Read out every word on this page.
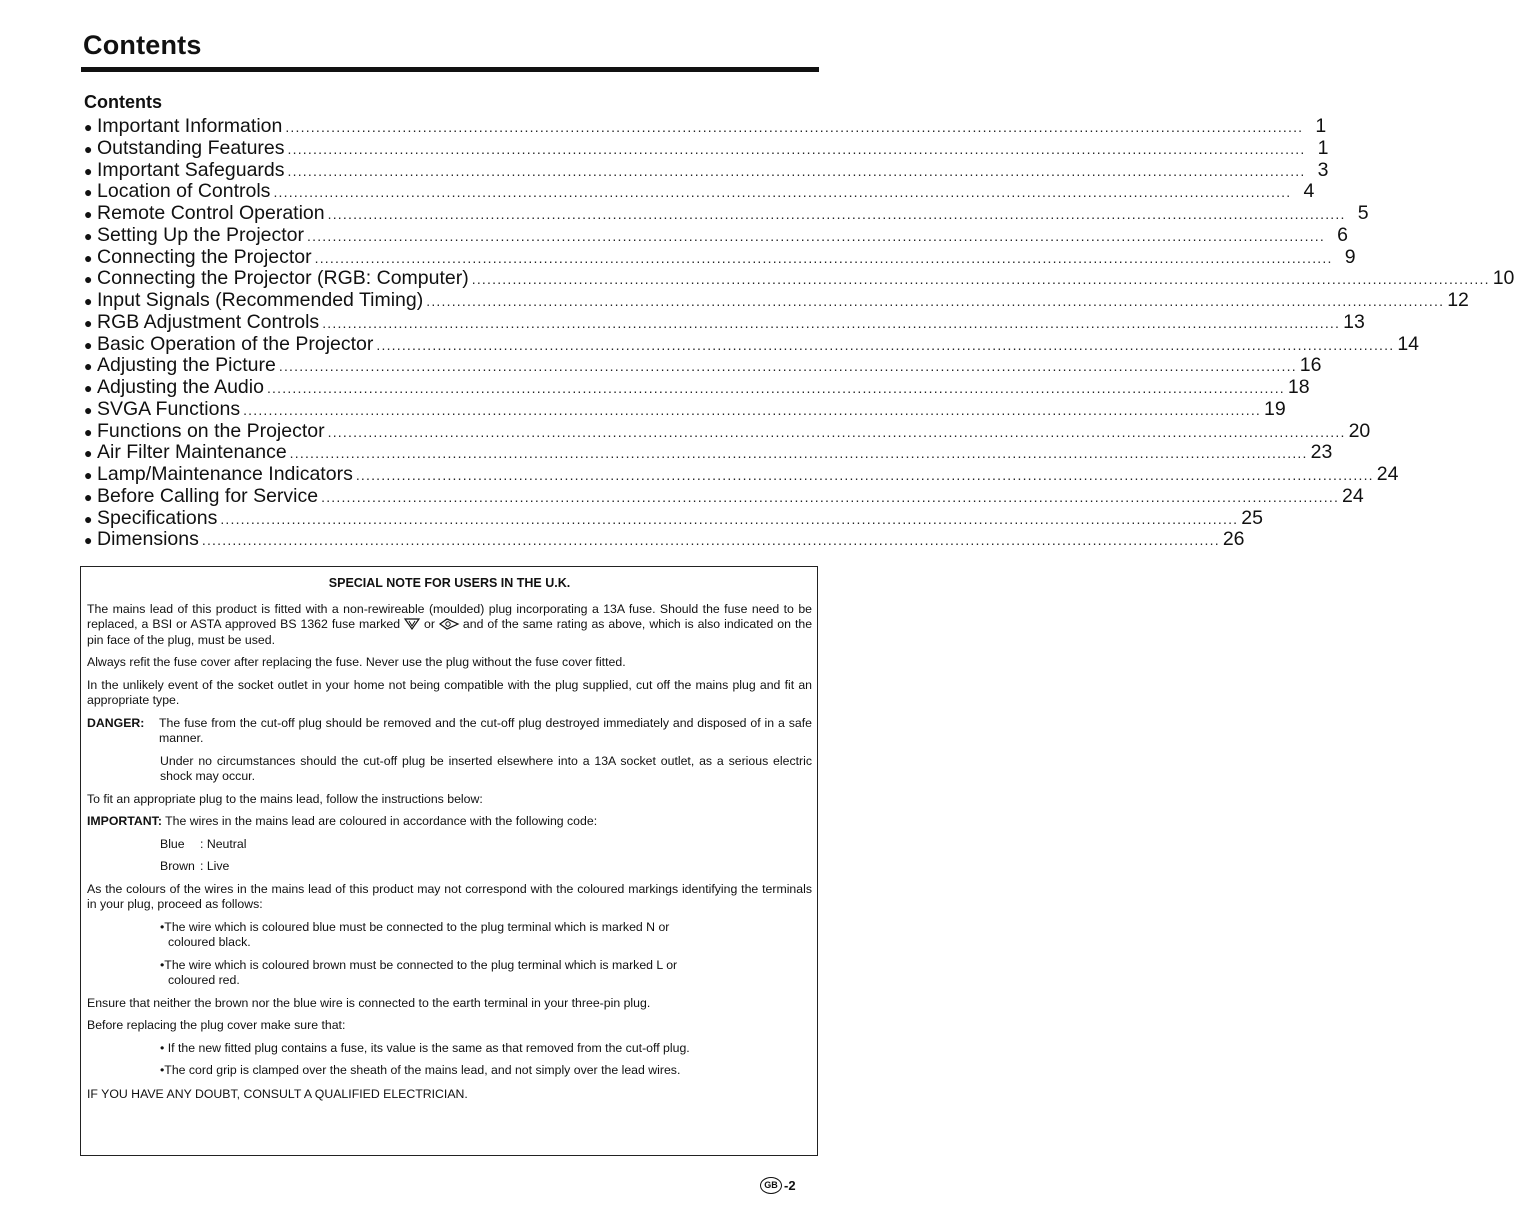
Contents
Contents
● Important Information ........................................................................................................................................................................................................ 1
● Outstanding Features ........................................................................................................................................................................................................ 1
● Important Safeguards ........................................................................................................................................................................................................ 3
● Location of Controls ........................................................................................................................................................................................................ 4
● Remote Control Operation ........................................................................................................................................................................................................ 5
● Setting Up the Projector ........................................................................................................................................................................................................ 6
● Connecting the Projector ........................................................................................................................................................................................................ 9
● Connecting the Projector (RGB: Computer) ........................................................................................................................................................................................................ 10
● Input Signals (Recommended Timing) ........................................................................................................................................................................................................ 12
● RGB Adjustment Controls ........................................................................................................................................................................................................ 13
● Basic Operation of the Projector ........................................................................................................................................................................................................ 14
● Adjusting the Picture ........................................................................................................................................................................................................ 16
● Adjusting the Audio ........................................................................................................................................................................................................ 18
● SVGA Functions ........................................................................................................................................................................................................ 19
● Functions on the Projector ........................................................................................................................................................................................................ 20
● Air Filter Maintenance ........................................................................................................................................................................................................ 23
● Lamp/Maintenance Indicators ........................................................................................................................................................................................................ 24
● Before Calling for Service ........................................................................................................................................................................................................ 24
● Specifications ........................................................................................................................................................................................................ 25
● Dimensions ........................................................................................................................................................................................................ 26
SPECIAL NOTE FOR USERS IN THE U.K.

The mains lead of this product is fitted with a non-rewireable (moulded) plug incorporating a 13A fuse. Should the fuse need to be replaced, a BSI or ASTA approved BS 1362 fuse marked or and of the same rating as above, which is also indicated on the pin face of the plug, must be used.

Always refit the fuse cover after replacing the fuse. Never use the plug without the fuse cover fitted.

In the unlikely event of the socket outlet in your home not being compatible with the plug supplied, cut off the mains plug and fit an appropriate type.

DANGER:	The fuse from the cut-off plug should be removed and the cut-off plug destroyed immediately and disposed of in a safe manner.

Under no circumstances should the cut-off plug be inserted elsewhere into a 13A socket outlet, as a serious electric shock may occur.

To fit an appropriate plug to the mains lead, follow the instructions below:

IMPORTANT: The wires in the mains lead are coloured in accordance with the following code:

Blue : Neutral
Brown : Live

As the colours of the wires in the mains lead of this product may not correspond with the coloured markings identifying the terminals in your plug, proceed as follows:

•The wire which is coloured blue must be connected to the plug terminal which is marked N or
coloured black.
•The wire which is coloured brown must be connected to the plug terminal which is marked L or
coloured red.

Ensure that neither the brown nor the blue wire is connected to the earth terminal in your three-pin plug.

Before replacing the plug cover make sure that:

• If the new fitted plug contains a fuse, its value is the same as that removed from the cut-off plug.
•The cord grip is clamped over the sheath of the mains lead, and not simply over the lead wires.

IF YOU HAVE ANY DOUBT, CONSULT A QUALIFIED ELECTRICIAN.

GB -2
